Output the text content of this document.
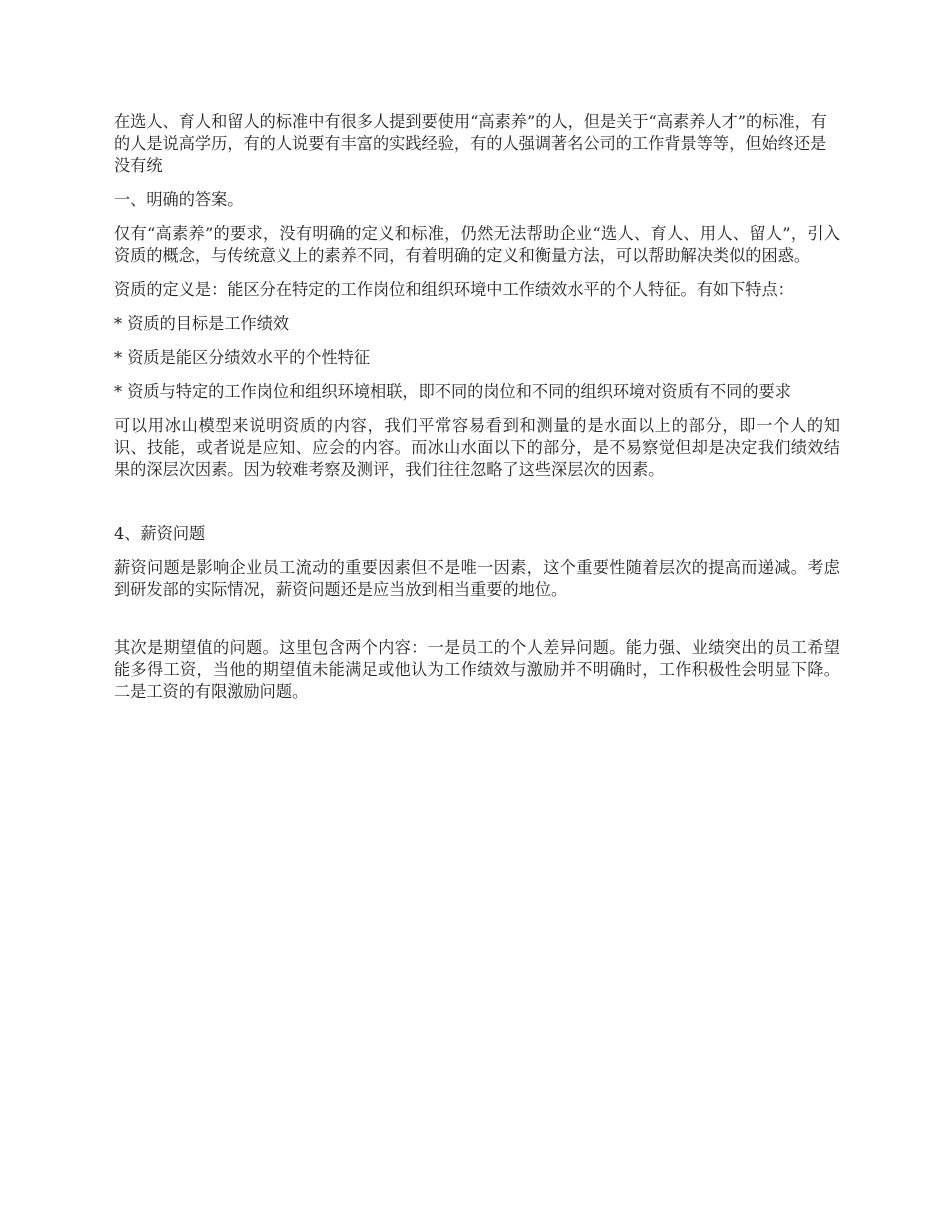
在选人、育人和留人的标准中有很多人提到要使用“高素养”的人，但是关于“高素养人才”的标准，有的人是说高学历，有的人说要有丰富的实践经验，有的人强调著名公司的工作背景等等，但始终还是没有统

一、明确的答案。

仅有“高素养”的要求，没有明确的定义和标准，仍然无法帮助企业“选人、育人、用人、留人”，引入资质的概念，与传统意义上的素养不同，有着明确的定义和衡量方法，可以帮助解决类似的困惑。

资质的定义是：能区分在特定的工作岗位和组织环境中工作绩效水平的个人特征。有如下特点：

* 资质的目标是工作绩效

* 资质是能区分绩效水平的个性特征

* 资质与特定的工作岗位和组织环境相联，即不同的岗位和不同的组织环境对资质有不同的要求

可以用冰山模型来说明资质的内容，我们平常容易看到和测量的是水面以上的部分，即一个人的知识、技能，或者说是应知、应会的内容。而冰山水面以下的部分，是不易察觉但却是决定我们绩效结果的深层次因素。因为较难考察及测评，我们往往忽略了这些深层次的因素。

4、薪资问题

薪资问题是影响企业员工流动的重要因素但不是唯一因素，这个重要性随着层次的提高而递减。考虑到研发部的实际情况，薪资问题还是应当放到相当重要的地位。

其次是期望值的问题。这里包含两个内容：一是员工的个人差异问题。能力强、业绩突出的员工希望能多得工资，当他的期望值未能满足或他认为工作绩效与激励并不明确时，工作积极性会明显下降。二是工资的有限激励问题。
